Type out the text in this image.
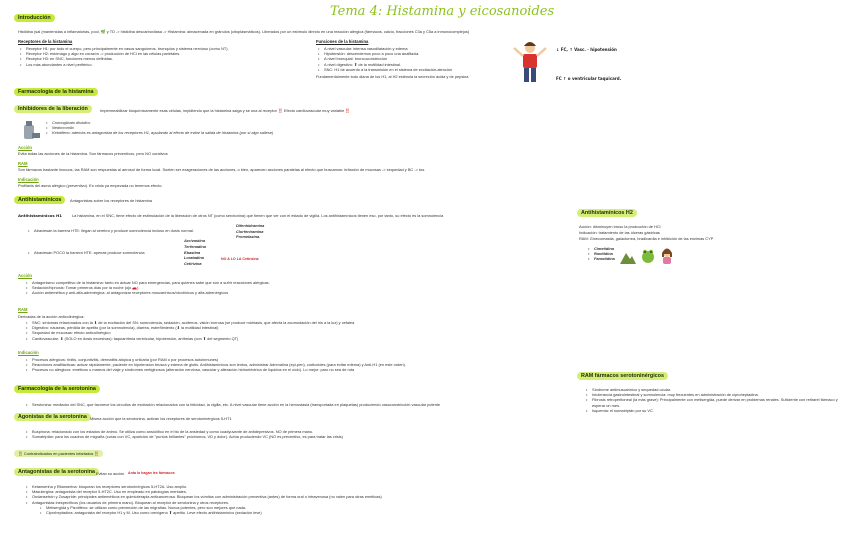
Tema 4: Histamina y eicosanoides
Introducción
Histidina (sal (mantenidas a inflamatorias, pool, 🌿 y TD -> histidina descarboxilasa -> Histamina: almacenada en gránulos (citoplasmáticos). Liberados por un estímulo directo en una reacción alérgica (fármacos, calcio, fracciones C3a y C5a a inmunocomplejos)
Receptores de la histamina
• Receptor H1: por todo el cuerpo, pero principalmente en vasos sanguíneos, bronquios y sistema nervioso (como NT).
• Receptor H2: estómago y algo en corazón -> producción de HCl en las células parietales.
• Receptor H3: en SNC, funciones menos definidas.
• Los más abundantes a nivel periférico.
Funciones de la histamina
• A nivel vascular: intensa vasodilatación y edema
• Hipotensión: descendemos poco a poco una anafilaxia.
• A nivel bronquial: broncoconstricción
• A nivel digestivo: ⬆ de la motilidad intestinal.
• SNC: H1 de acuerdo a la transmisión en el sistema de excitación-atención
Fundamentalmente todo diana de los H1, al H2 estimula la secreción ácida y de pepsina
↓ FC, ↑ Vasc. · hipotensión
FC ↑ o ventricular taquicard.
Farmacología de la histamina
Inhibidores de la liberación	Impermeabilizar bioquímicamente esas células, impidiendo que la histamina salga y se una al receptor ‼️ Efecto cardiovascular muy variable ‼️
• Cromoglicato disódico
• Nedocromilo
• Ketotifeno: además es antagonista de los receptores H1, ayudando al efecto de evitar la salida de histamina (por si algo saliese)
Acción
Evita todas las acciones de la histamina. Son fármacos preventivos, pero NO curativos
RAM
Son fármacos bastante inocuos, las RAM son respuestas al aerosol de forma local. Suelen ser exageraciones de las acciones, o bien, aparecen acciones paralelas al efecto que buscamos: irritación de mucosas -> sequedad y BC -> tos.
Indicación
Profilaxis del asma alérgico (preventivo). En crisis ya empezada no tenemos efecto.
Antihistamínicos	Antagonistas sobre los receptores de histamina
Antihistamínicos H1	La histamina, en el SNC, tiene efecto de estimulación de la liberación de otros NT (como serotonina) que tienen que ver con el estado de vigilia. Los antihistamínicos tienen eso, por tanto, su efecto es la somnolencia
• Atraviesan la barrera HTE: llegan al cerebro y produce somnolencia incluso en dosis normal.
Difenhidramina
Clorfeniramina
Prometazina.
• Atraviesan POCO la barrera HTE: apenas produce somnolencia
Acrivastina
Terfenadina
Ebastina
Loratadina
Cetirizina
NO A LO LA Cetirizina
Acción
• Antagonismo competitivo de la histamina: tanto en actuar NO para emergencias, para quienes sabe que son a sufrir reacciones alérgicas.
• Sedación/hipnosis: Tomar primeros días por la noche (ojo 🚗)
• Acción antiemética y anti-alfa-adrenérgica: al antagonizar receptores muscarínicos/nicotínicos y alfa-adrenérgicos
RAM
Derivadas de la acción anticolinérgica:
• SNC: síntomas relacionados con la ⬇ de la excitación del SN: somnolencia, sedación, acúfenos, visión borrosa (se produce midriasis, que afecta la acomodación del iris a la luz) y cefalea
• Digestivo: náuseas, pérdida de apetito (por la somnolencia), diarrea, estreñimiento (⬇ la motilidad intestinal)
• Sequedad de mucosas: efecto anticolinérgico
• Cardiovascular: ⬇ (SOLO en dosis excesivas): taquiarritmia ventricular, hipotensión, arritmias (con ⬆ del segmento QT)
Indicación
• Procesos alérgicos: rinitis, conjuntivitis, dermatitis atópica y urticaria (por RAM o por procesos autoinmunes)
• Reacciones anafilácticas: actuar rápidamente, paciente en hipotensión brusca y edema de glotis. Antihistamínicos son lentos, administrar Adrenalina (epi-pen), corticoides (para evitar edema) y Anti-H1 (en este orden).
• Procesos no alérgicos: eméticos o mareos del viaje y síndromes vertiginosos (alteración nerviosa, vascular y alteración hidroeléctrica de líquidos en el oído). Lo mejor: paro no sea de ruta
Antihistamínicos H2
Acción: disminuyen bruso la producción de HCl
Indicación: tratamiento de las úlceras gástricas
RAM: Ginecomastia, galactorrea, bradicardia e inhibición de las enzimas CYP
• Cimetidina
• Ranitidina
• Famotidina
Farmacología de la serotonina
• Serotonina: mediador del SNC, que favorece los circuitos de excitación relacionados con la felicidad, la vigilia, etc. A nivel vascular tiene acción en la hemostasia (transportada en plaquetas) produciendo vasoconstricción vascular potente
Agonistas de la serotonina Misma acción que la serotonina, activan los receptores de serotoninérgicos 5-HT1
• Buspirona: relacionado con los estados de ánimo. Se utiliza como ansiolítico en el tto de la ansiedad y como coadyuvante de antidepresivos. NO de primera mano.
• Sumatriptán: para los cuadros de migraña (curas con VC, aparición de "puntos brillantes" pródromos, VD y dolor). Actúa produciendo VC (NO es preventivo, es para tratar las crisis)
‼️ Contraindicados en pacientes infartados ‼️
Antagonistas de la serotonina Evitan su acción Anta lo hagan les fármacos
• Ketanserina y Ritanserina: bloquean los receptores serotoninérgicos 5-HT2A. Uso amplio.
• Masulergina: antagonista del receptor 5-HT2C. Uso en empleado en patologías mentales.
• Ondansetrón y Zosapride: principales antieméticos en quimioterapia anticancerosa. Bloquean los vómitos con administración preventiva (antes) de forma oral o intravenosa (no valen para otras eméticas)
• Antagonistas inespecíficos (los usuarios de primera mano). Bloquean al receptor de serotonina y otros receptores.
• Metisergida y Pizotifeno: se utilizan como prevención de las migrañas. Nunca potentes, pero son mejores que nada.
• Ciproheptadina: antagonista del receptor H1 y M. Uso como orexígeno ⬆ apetito. Leve efecto antihistamínico (sedación leve)
RAM fármacos serotoninérgicos
• Síndrome antimuscarínico y sequedad ocular.
• Intolerancia gastrointestinal y somnolencia: muy frecuentes en administración de ciproheptadina.
• Fibrosis retroperitoneal (la más grave): Principalmente con metisergida, puede derivar en problemas renales. Suficiente con retirarel fármaco y esperar un mes.
• Isquemia: el sumatriptán por su VC.
